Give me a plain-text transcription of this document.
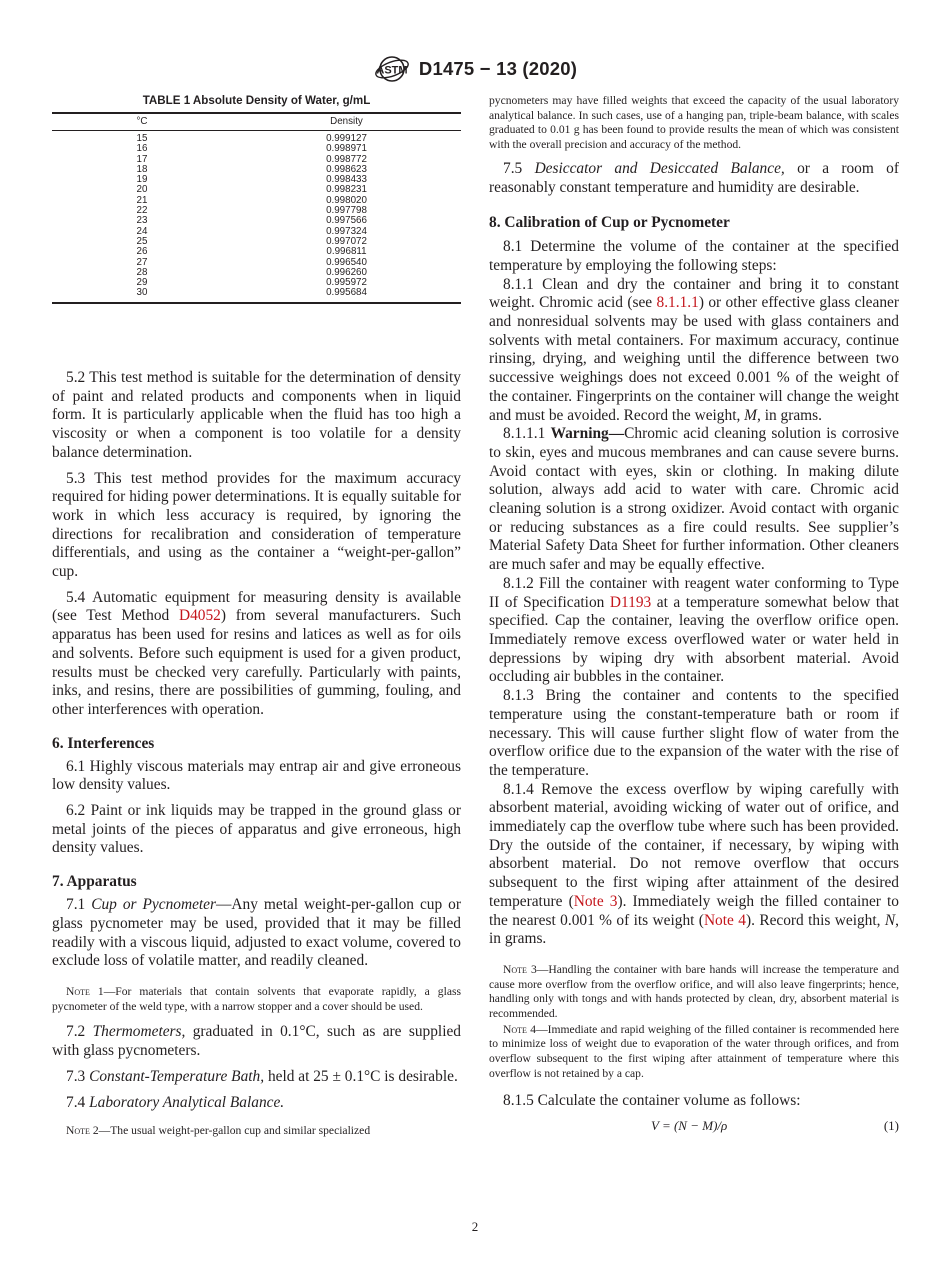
ASTM D1475 − 13 (2020)
TABLE 1 Absolute Density of Water, g/mL
°C	Density
15	0.999127
16	0.998971
17	0.998772
18	0.998623
19	0.998433
20	0.998231
21	0.998020
22	0.997798
23	0.997566
24	0.997324
25	0.997072
26	0.996811
27	0.996540
28	0.996260
29	0.995972
30	0.995684

5.2 This test method is suitable for the determination of density of paint and related products and components when in liquid form. It is particularly applicable when the fluid has too high a viscosity or when a component is too volatile for a density balance determination.

5.3 This test method provides for the maximum accuracy required for hiding power determinations. It is equally suitable for work in which less accuracy is required, by ignoring the directions for recalibration and consideration of temperature differentials, and using as the container a “weight-per-gallon” cup.

5.4 Automatic equipment for measuring density is available (see Test Method D4052) from several manufacturers. Such apparatus has been used for resins and latices as well as for oils and solvents. Before such equipment is used for a given product, results must be checked very carefully. Particularly with paints, inks, and resins, there are possibilities of gumming, fouling, and other interferences with operation.

6. Interferences

6.1 Highly viscous materials may entrap air and give erroneous low density values.

6.2 Paint or ink liquids may be trapped in the ground glass or metal joints of the pieces of apparatus and give erroneous, high density values.

7. Apparatus

7.1 Cup or Pycnometer—Any metal weight-per-gallon cup or glass pycnometer may be used, provided that it may be filled readily with a viscous liquid, adjusted to exact volume, covered to exclude loss of volatile matter, and readily cleaned.

Note 1—For materials that contain solvents that evaporate rapidly, a glass pycnometer of the weld type, with a narrow stopper and a cover should be used.

7.2 Thermometers, graduated in 0.1°C, such as are supplied with glass pycnometers.

7.3 Constant-Temperature Bath, held at 25 ± 0.1°C is desirable.

7.4 Laboratory Analytical Balance.

Note 2—The usual weight-per-gallon cup and similar specialized

pycnometers may have filled weights that exceed the capacity of the usual laboratory analytical balance. In such cases, use of a hanging pan, triple-beam balance, with scales graduated to 0.01 g has been found to provide results the mean of which was consistent with the overall precision and accuracy of the method.

7.5 Desiccator and Desiccated Balance, or a room of reasonably constant temperature and humidity are desirable.

8. Calibration of Cup or Pycnometer

8.1 Determine the volume of the container at the specified temperature by employing the following steps:

8.1.1 Clean and dry the container and bring it to constant weight. Chromic acid (see 8.1.1.1) or other effective glass cleaner and nonresidual solvents may be used with glass containers and solvents with metal containers. For maximum accuracy, continue rinsing, drying, and weighing until the difference between two successive weighings does not exceed 0.001 % of the weight of the container. Fingerprints on the container will change the weight and must be avoided. Record the weight, M, in grams.

8.1.1.1 Warning—Chromic acid cleaning solution is corrosive to skin, eyes and mucous membranes and can cause severe burns. Avoid contact with eyes, skin or clothing. In making dilute solution, always add acid to water with care. Chromic acid cleaning solution is a strong oxidizer. Avoid contact with organic or reducing substances as a fire could results. See supplier’s Material Safety Data Sheet for further information. Other cleaners are much safer and may be equally effective.

8.1.2 Fill the container with reagent water conforming to Type II of Specification D1193 at a temperature somewhat below that specified. Cap the container, leaving the overflow orifice open. Immediately remove excess overflowed water or water held in depressions by wiping dry with absorbent material. Avoid occluding air bubbles in the container.

8.1.3 Bring the container and contents to the specified temperature using the constant-temperature bath or room if necessary. This will cause further slight flow of water from the overflow orifice due to the expansion of the water with the rise of the temperature.

8.1.4 Remove the excess overflow by wiping carefully with absorbent material, avoiding wicking of water out of orifice, and immediately cap the overflow tube where such has been provided. Dry the outside of the container, if necessary, by wiping with absorbent material. Do not remove overflow that occurs subsequent to the first wiping after attainment of the desired temperature (Note 3). Immediately weigh the filled container to the nearest 0.001 % of its weight (Note 4). Record this weight, N, in grams.

Note 3—Handling the container with bare hands will increase the temperature and cause more overflow from the overflow orifice, and will also leave fingerprints; hence, handling only with tongs and with hands protected by clean, dry, absorbent material is recommended.

Note 4—Immediate and rapid weighing of the filled container is recommended here to minimize loss of weight due to evaporation of the water through orifices, and from overflow subsequent to the first wiping after attainment of temperature where this overflow is not retained by a cap.

8.1.5 Calculate the container volume as follows:

V = (N − M)/ρ	(1)
2
